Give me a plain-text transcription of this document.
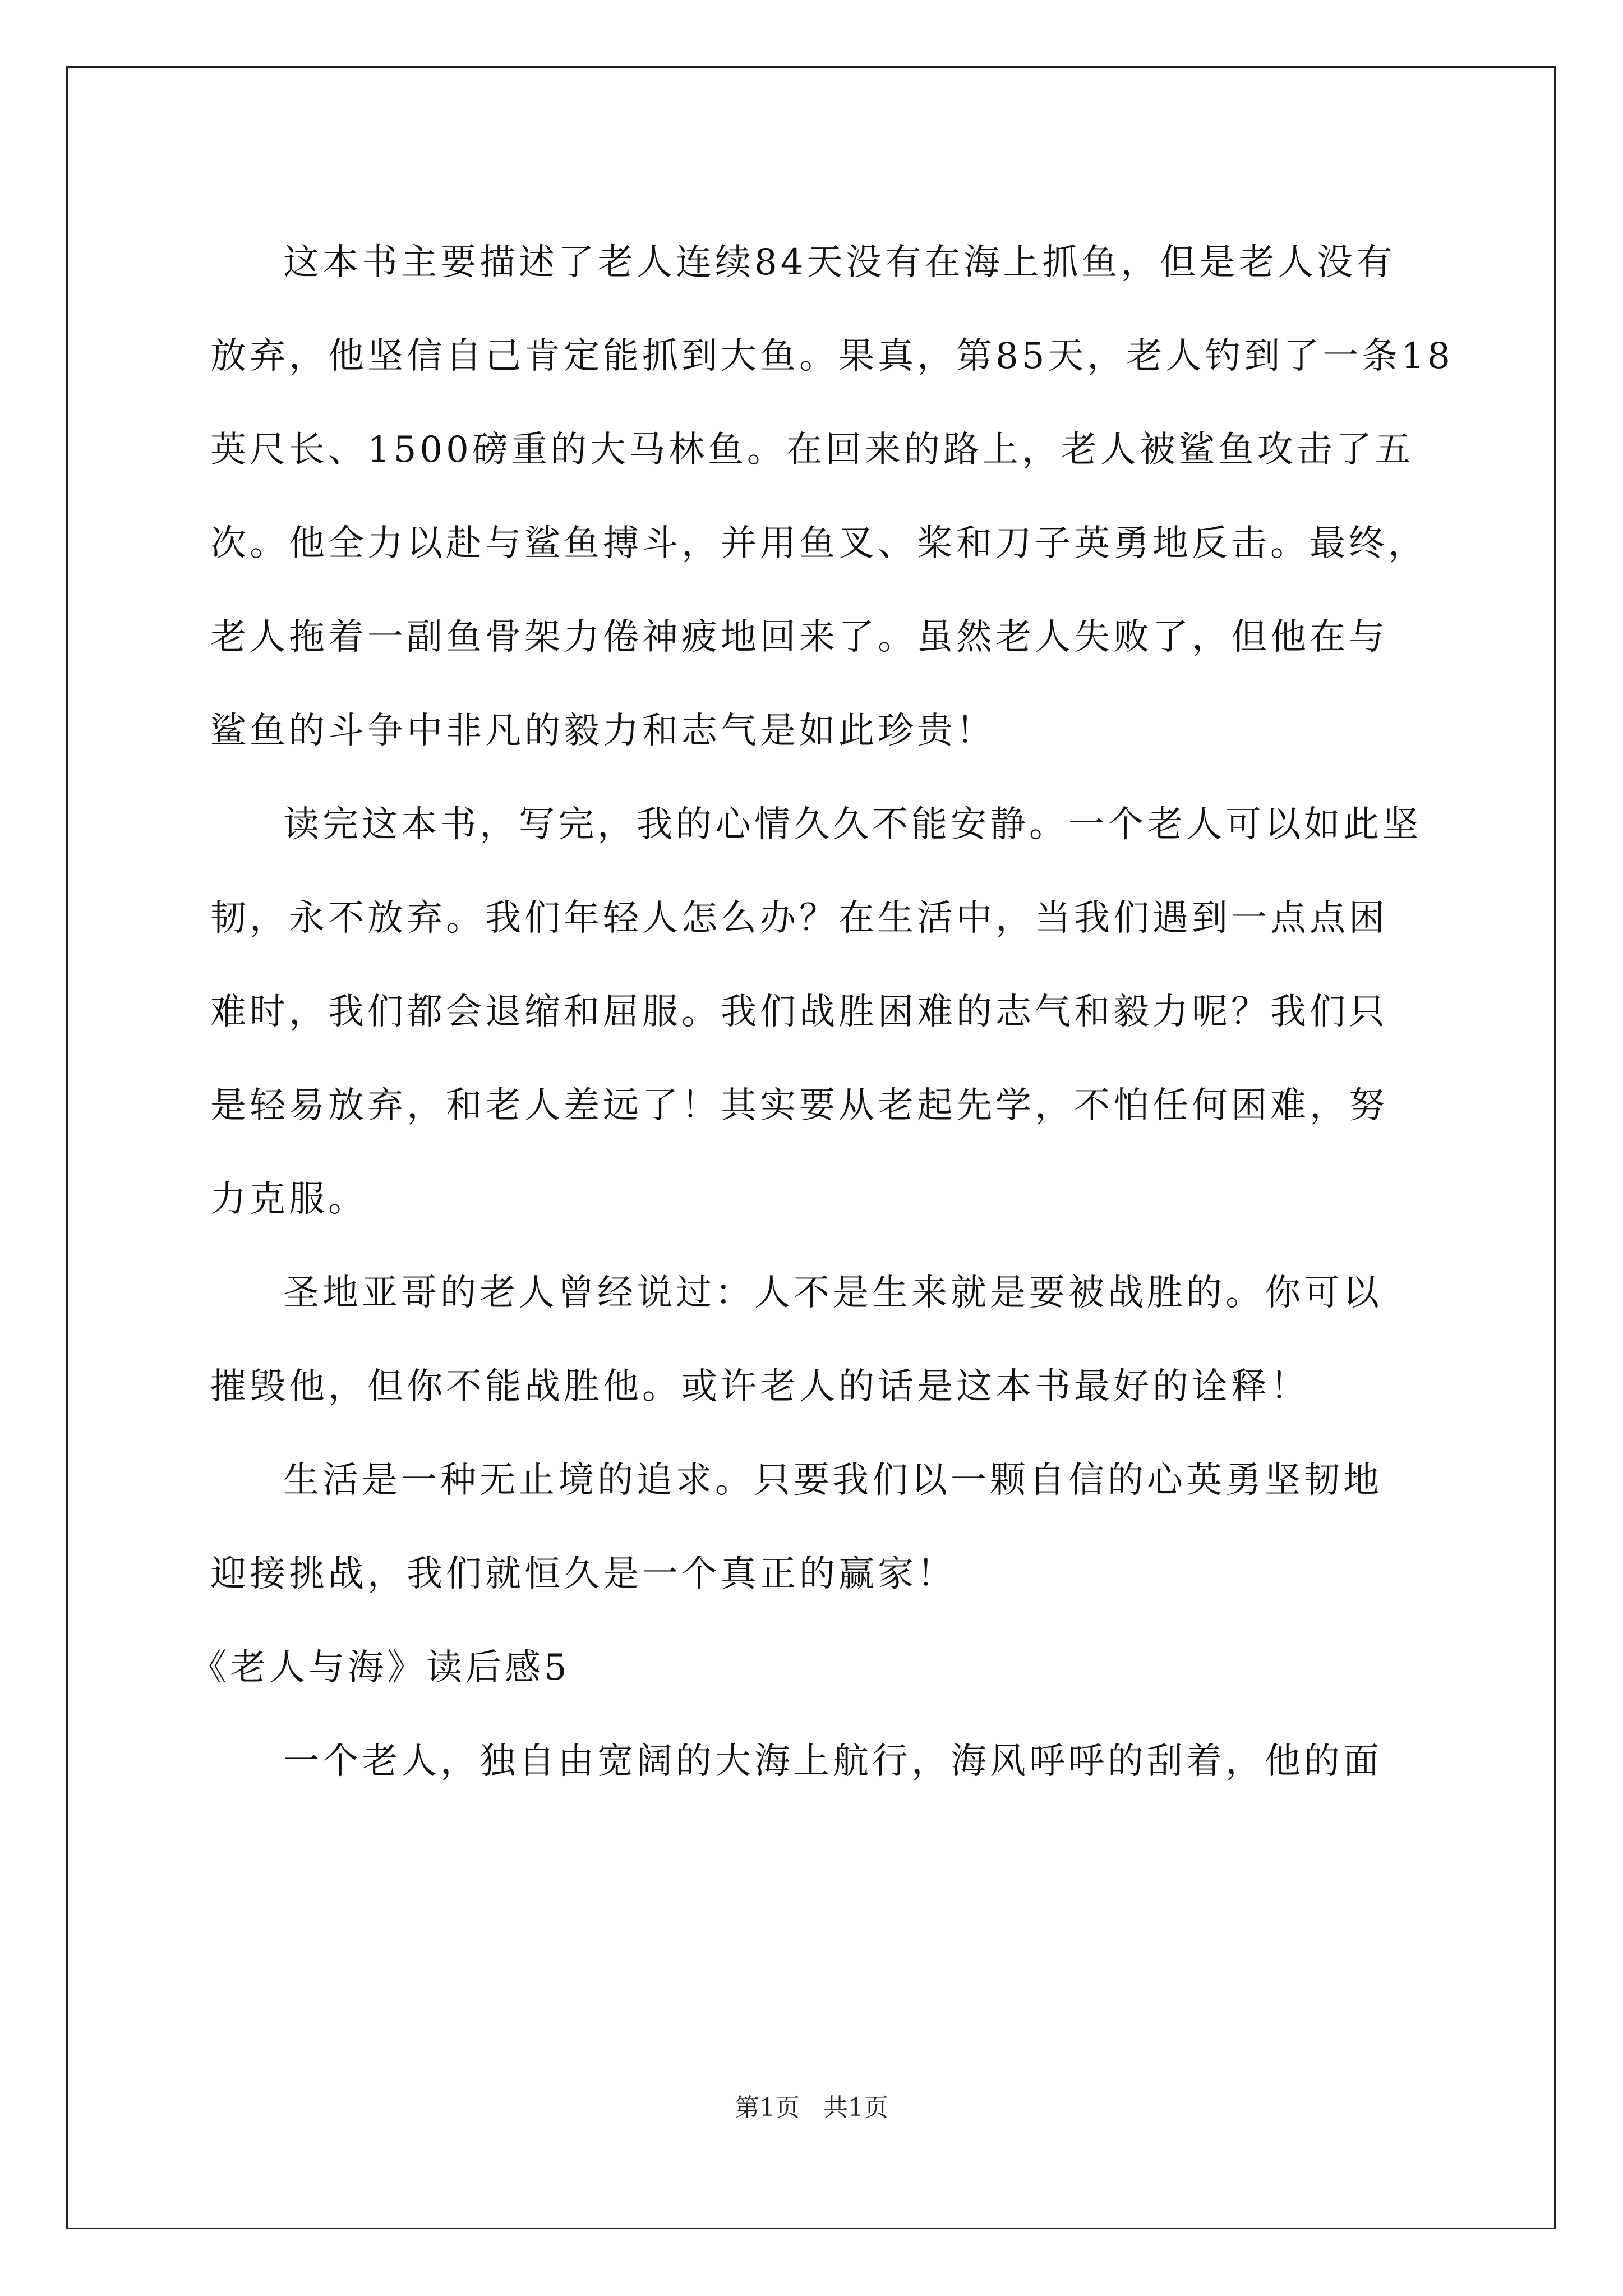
这本书主要描述了老人连续84天没有在海上抓鱼，但是老人没有
放弃，他坚信自己肯定能抓到大鱼。果真，第85天，老人钓到了一条18
英尺长、1500磅重的大马林鱼。在回来的路上，老人被鲨鱼攻击了五
次。他全力以赴与鲨鱼搏斗，并用鱼叉、桨和刀子英勇地反击。最终，
老人拖着一副鱼骨架力倦神疲地回来了。虽然老人失败了，但他在与
鲨鱼的斗争中非凡的毅力和志气是如此珍贵！
读完这本书，写完，我的心情久久不能安静。一个老人可以如此坚
韧，永不放弃。我们年轻人怎么办？在生活中，当我们遇到一点点困
难时，我们都会退缩和屈服。我们战胜困难的志气和毅力呢？我们只
是轻易放弃，和老人差远了！其实要从老起先学，不怕任何困难，努
力克服。
圣地亚哥的老人曾经说过：人不是生来就是要被战胜的。你可以
摧毁他，但你不能战胜他。或许老人的话是这本书最好的诠释！
生活是一种无止境的追求。只要我们以一颗自信的心英勇坚韧地
迎接挑战，我们就恒久是一个真正的赢家！
《老人与海》读后感5
一个老人，独自由宽阔的大海上航行，海风呼呼的刮着，他的面
第1页 共1页
